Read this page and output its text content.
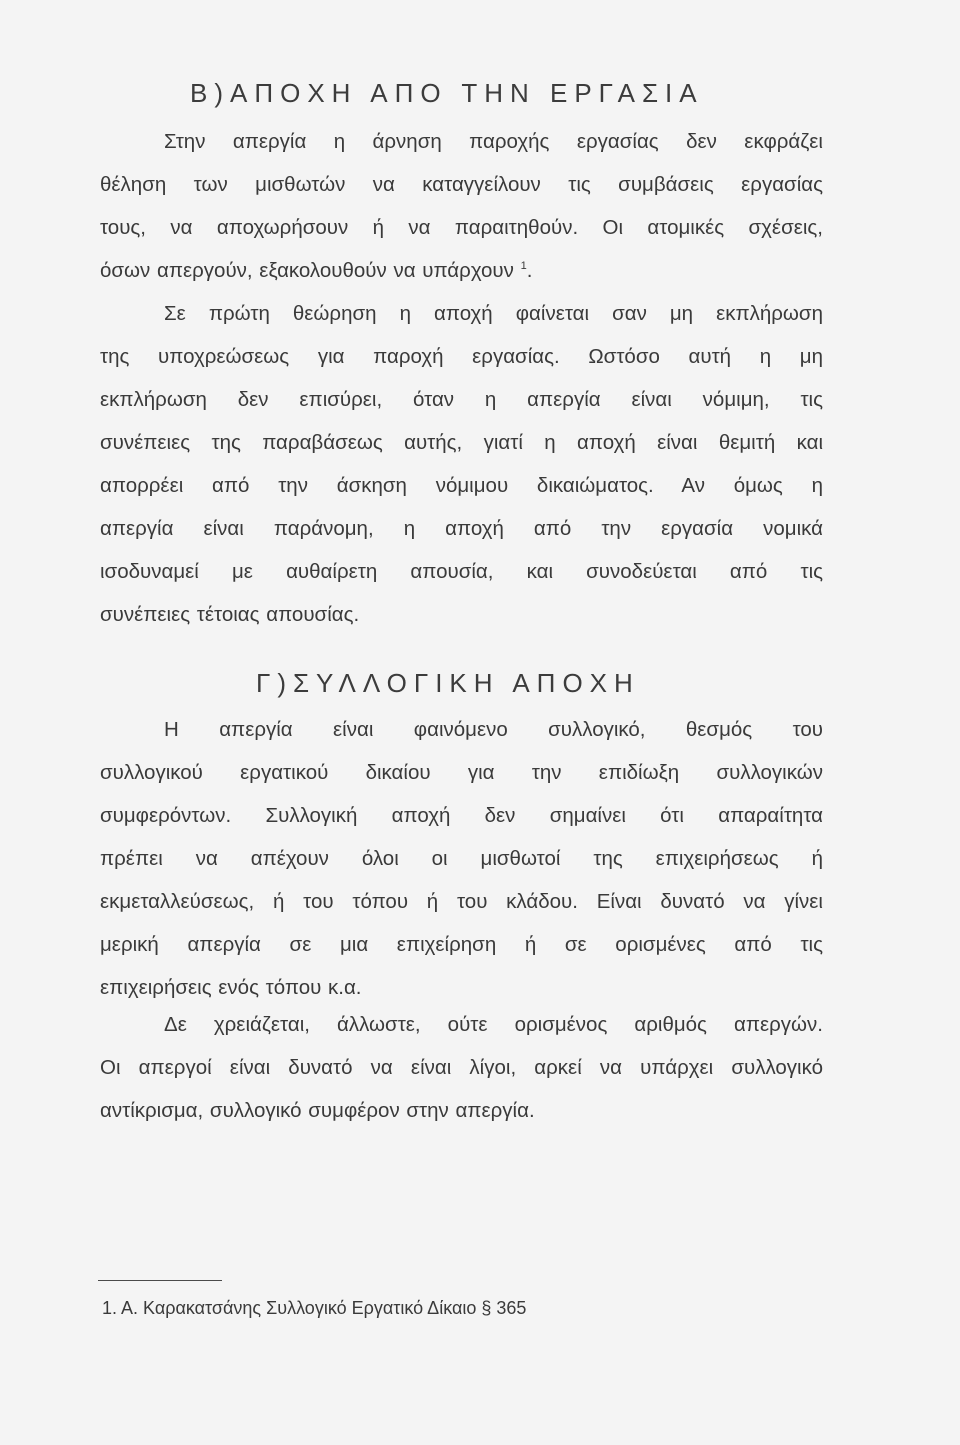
Β)ΑΠΟΧΗ ΑΠΟ ΤΗΝ ΕΡΓΑΣΙΑ
Στην απεργία η άρνηση παροχής εργασίας δεν εκφράζει
θέληση των μισθωτών να καταγγείλουν τις συμβάσεις εργασίας
τους, να αποχωρήσουν ή να παραιτηθούν. Οι ατομικές σχέσεις,
όσων απεργούν, εξακολουθούν να υπάρχουν $^1$.
Σε πρώτη θεώρηση η αποχή φαίνεται σαν μη εκπλήρωση
της υποχρεώσεως για παροχή εργασίας. Ωστόσο αυτή η μη
εκπλήρωση δεν επισύρει, όταν η απεργία είναι νόμιμη, τις
συνέπειες της παραβάσεως αυτής, γιατί η αποχή είναι θεμιτή και
απορρέει από την άσκηση νόμιμου δικαιώματος. Αν όμως η
απεργία είναι παράνομη, η αποχή από την εργασία νομικά
ισοδυναμεί με αυθαίρετη απουσία, και συνοδεύεται από τις
συνέπειες τέτοιας απουσίας.
Γ)ΣΥΛΛΟΓΙΚΗ ΑΠΟΧΗ
Η απεργία είναι φαινόμενο συλλογικό, θεσμός του
συλλογικού εργατικού δικαίου για την επιδίωξη συλλογικών
συμφερόντων. Συλλογική αποχή δεν σημαίνει ότι απαραίτητα
πρέπει να απέχουν όλοι οι μισθωτοί της επιχειρήσεως ή
εκμεταλλεύσεως, ή του τόπου ή του κλάδου. Είναι δυνατό να γίνει
μερική απεργία σε μια επιχείρηση ή σε ορισμένες από τις
επιχειρήσεις ενός τόπου κ.α.
Δε χρειάζεται, άλλωστε, ούτε ορισμένος αριθμός απεργών.
Οι απεργοί είναι δυνατό να είναι λίγοι, αρκεί να υπάρχει συλλογικό
αντίκρισμα, συλλογικό συμφέρον στην απεργία.

1. Α. Καρακατσάνης Συλλογικό Εργατικό Δίκαιο § 365
